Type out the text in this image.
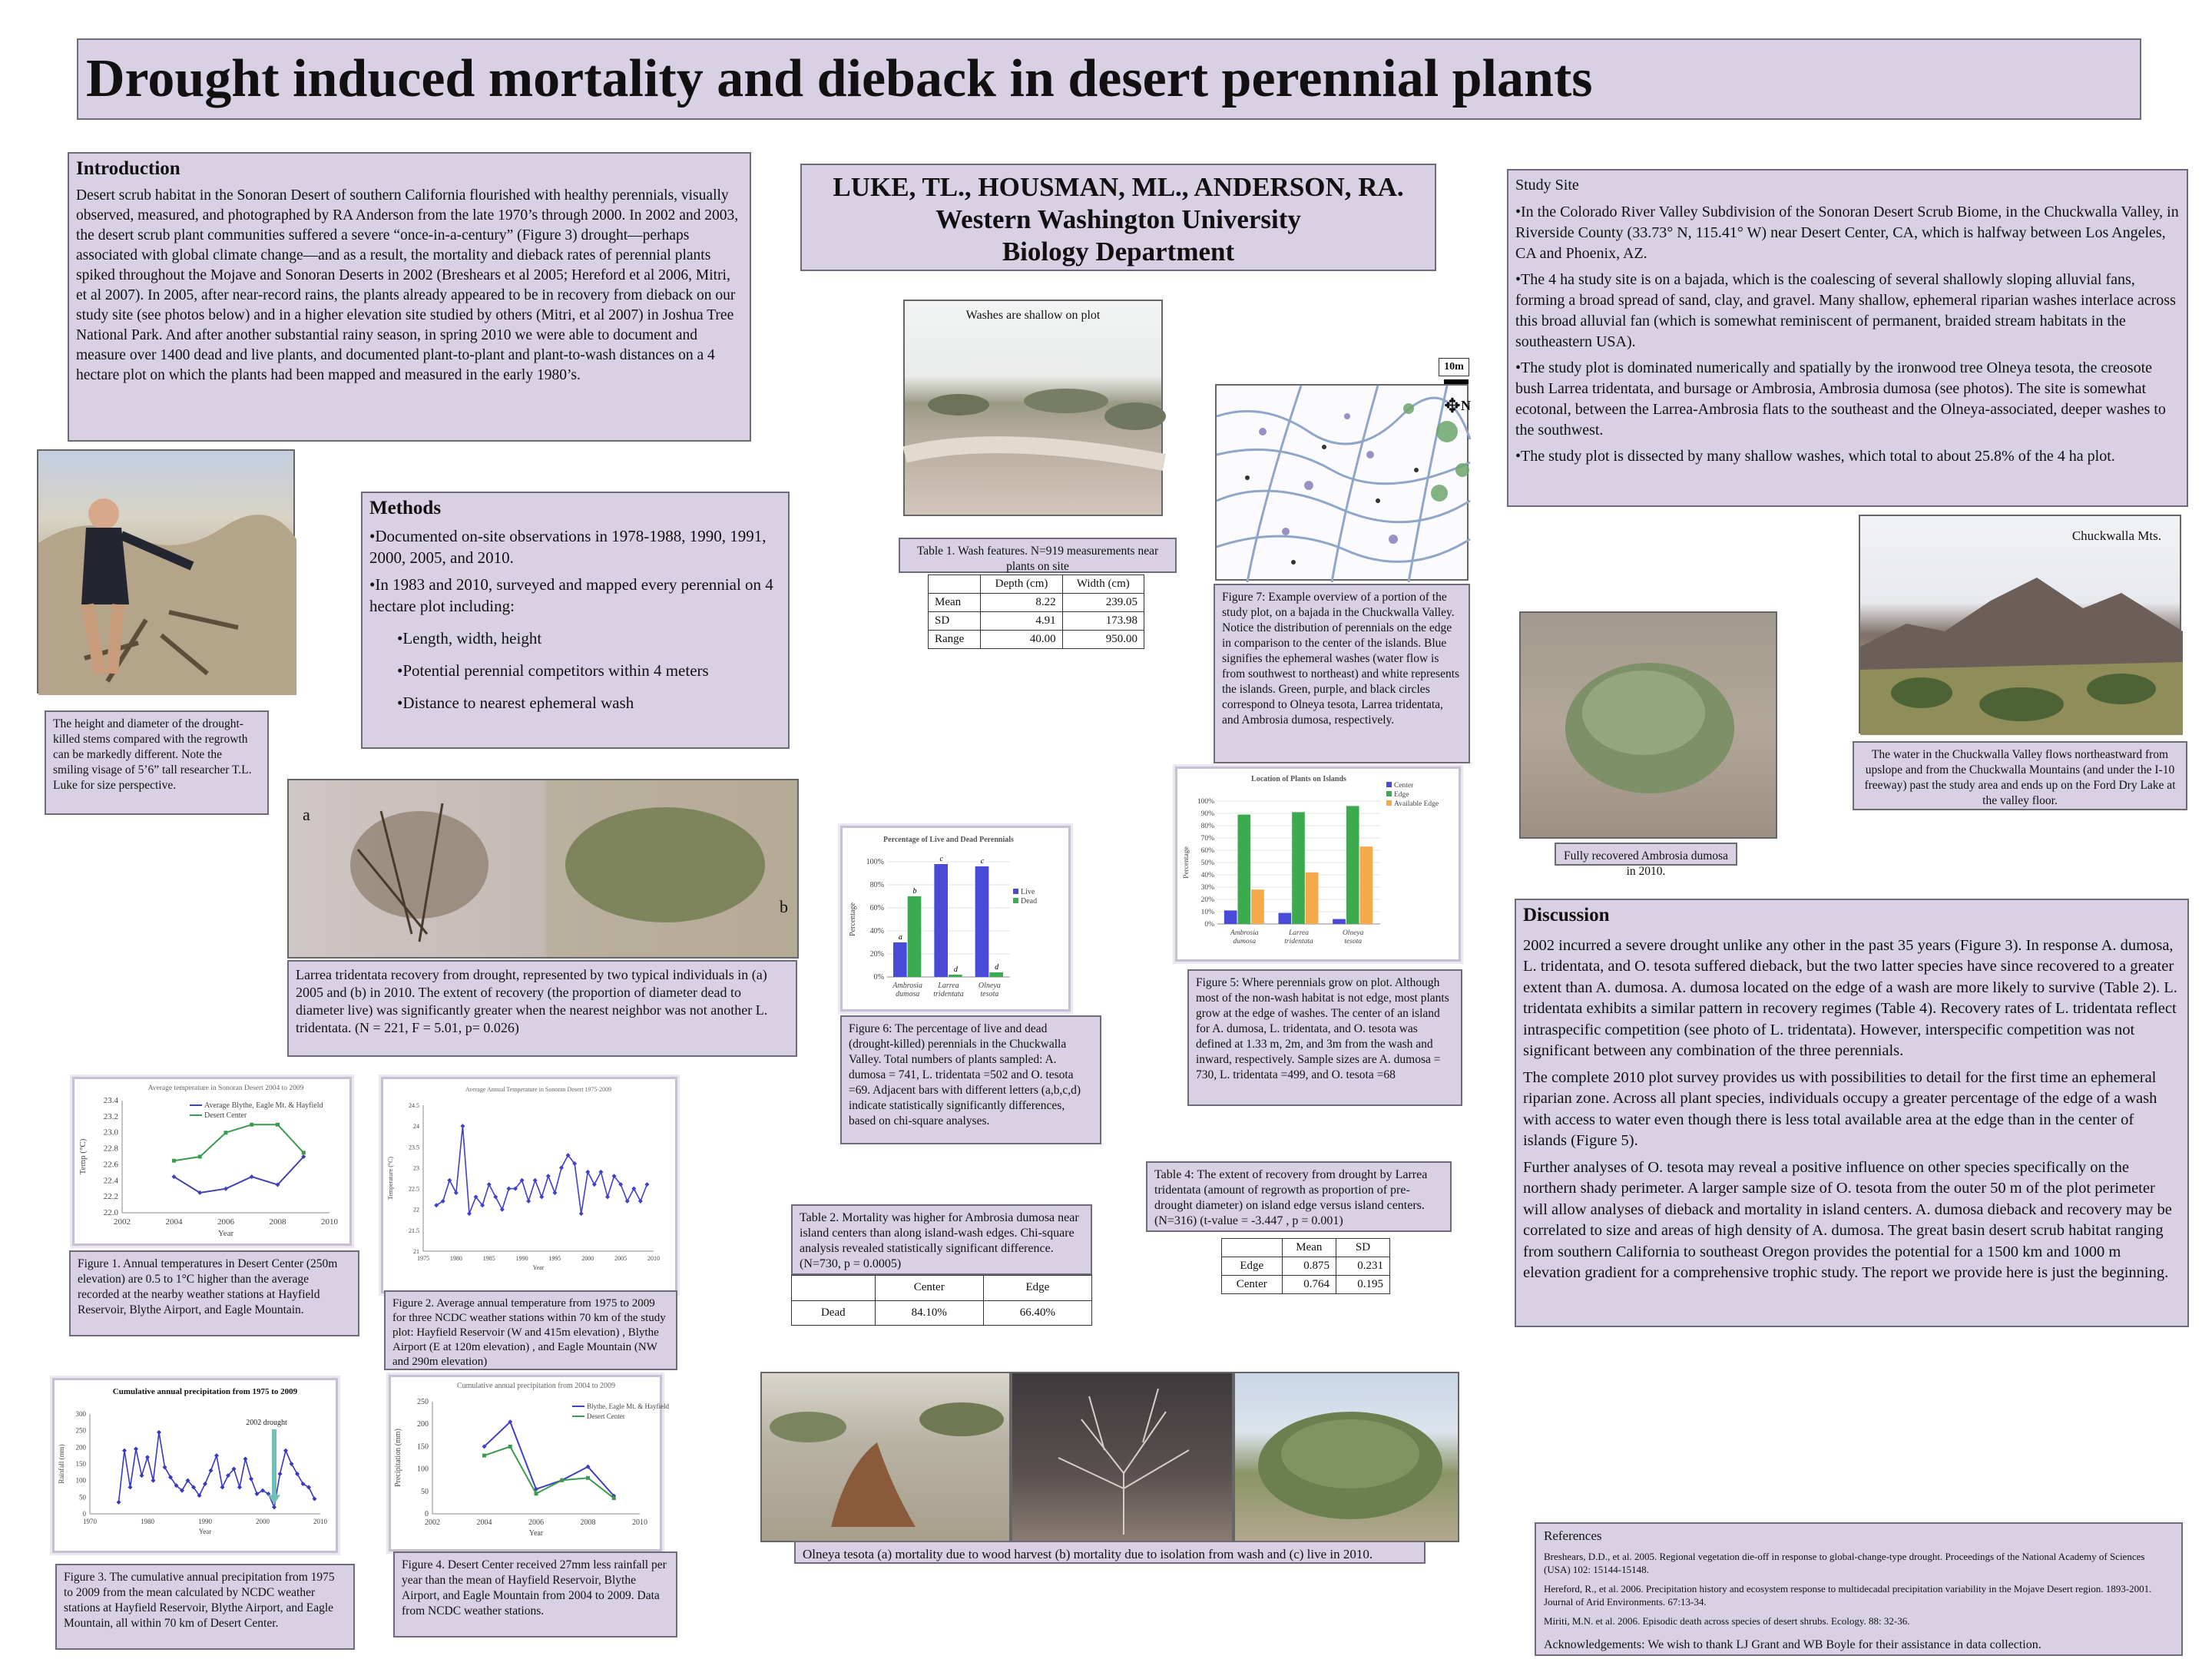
Drought induced mortality and dieback in desert perennial plants
Introduction
Desert scrub habitat in the Sonoran Desert of southern California flourished with healthy perennials, visually observed, measured, and photographed by RA Anderson from the late 1970’s through 2000. In 2002 and 2003, the desert scrub plant communities suffered a severe “once-in-a-century” (Figure 3) drought—perhaps associated with global climate change—and as a result, the mortality and dieback rates of perennial plants spiked throughout the Mojave and Sonoran Deserts in 2002 (Breshears et al 2005; Hereford et al 2006, Mitri, et al 2007). In 2005, after near-record rains, the plants already appeared to be in recovery from dieback on our study site (see photos below) and in a higher elevation site studied by others (Mitri, et al 2007) in Joshua Tree National Park. And after another substantial rainy season, in spring 2010 we were able to document and measure over 1400 dead and live plants, and documented plant-to-plant and plant-to-wash distances on a 4 hectare plot on which the plants had been mapped and measured in the early 1980’s.
LUKE, TL., HOUSMAN, ML., ANDERSON, RA.
Western Washington University
Biology Department
Study Site

•In the Colorado River Valley Subdivision of the Sonoran Desert Scrub Biome, in the Chuckwalla Valley, in Riverside County (33.73° N, 115.41° W) near Desert Center, CA, which is halfway between Los Angeles, CA and Phoenix, AZ.

•The 4 ha study site is on a bajada, which is the coalescing of several shallowly sloping alluvial fans, forming a broad spread of sand, clay, and gravel. Many shallow, ephemeral riparian washes interlace across this broad alluvial fan (which is somewhat reminiscent of permanent, braided stream habitats in the southeastern USA).

•The study plot is dominated numerically and spatially by the ironwood tree Olneya tesota, the creosote bush Larrea tridentata, and bursage or Ambrosia, Ambrosia dumosa (see photos). The site is somewhat ecotonal, between the Larrea-Ambrosia flats to the southeast and the Olneya-associated, deeper washes to the southwest.

•The study plot is dissected by many shallow washes, which total to about 25.8% of the 4 ha plot.

The height and diameter of the drought-killed stems compared with the regrowth can be markedly different. Note the smiling visage of 5’6” tall researcher T.L. Luke for size perspective.
Methods

•Documented on-site observations in 1978-1988, 1990, 1991, 2000, 2005, and 2010.

•In 1983 and 2010, surveyed and mapped every perennial on 4 hectare plot including:

•Length, width, height

•Potential perennial competitors within 4 meters

•Distance to nearest ephemeral wash

Washes are shallow on plot
Table 1. Wash features. N=919 measurements near plants on site
	Depth (cm)	Width (cm)
Mean	8.22	239.05
SD	4.91	173.98
Range	40.00	950.00
10m
✥ N
Figure 7: Example overview of a portion of the study plot, on a bajada in the Chuckwalla Valley. Notice the distribution of perennials on the edge in comparison to the center of the islands. Blue signifies the ephemeral washes (water flow is from southwest to northeast) and white represents the islands. Green, purple, and black circles correspond to Olneya tesota, Larrea tridentata, and Ambrosia dumosa, respectively.
Chuckwalla Mts.
The water in the Chuckwalla Valley flows northeastward from upslope and from the Chuckwalla Mountains (and under the I-10 freeway) past the study area and ends up on the Ford Dry Lake at the valley floor.
Fully recovered Ambrosia dumosa in 2010.
a
b
Larrea tridentata recovery from drought, represented by two typical individuals in (a) 2005 and (b) in 2010. The extent of recovery (the proportion of diameter dead to diameter live) was significantly greater when the nearest neighbor was not another L. tridentata. (N = 221, F = 5.01, p= 0.026)
Percentage of Live and Dead Perennials
0%
20%
40%
60%
80%
100%
Percentage
a
b
Ambrosia
dumosa
c
d
Larrea
tridentata
c
d
Olneya
tesota
Live
Dead
Figure 6: The percentage of live and dead (drought-killed) perennials in the Chuckwalla Valley. Total numbers of plants sampled: A. dumosa = 741, L. tridentata =502 and O. tesota =69. Adjacent bars with different letters (a,b,c,d) indicate statistically significantly differences, based on chi-square analyses.
Location of Plants on Islands
0%
10%
20%
30%
40%
50%
60%
70%
80%
90%
100%
Percentage
Ambrosia
dumosa
Larrea
tridentata
Olneya
tesota
Center
Edge
Available Edge
Figure 5: Where perennials grow on plot. Although most of the non-wash habitat is not edge, most plants grow at the edge of washes. The center of an island for A. dumosa, L. tridentata, and O. tesota was defined at 1.33 m, 2m, and 3m from the wash and inward, respectively. Sample sizes are A. dumosa = 730, L. tridentata =499, and O. tesota =68
Discussion

2002 incurred a severe drought unlike any other in the past 35 years (Figure 3). In response A. dumosa, L. tridentata, and O. tesota suffered dieback, but the two latter species have since recovered to a greater extent than A. dumosa. A. dumosa located on the edge of a wash are more likely to survive (Table 2). L. tridentata exhibits a similar pattern in recovery regimes (Table 4). Recovery rates of L. tridentata reflect intraspecific competition (see photo of L. tridentata). However, interspecific competition was not significant between any combination of the three perennials.

The complete 2010 plot survey provides us with possibilities to detail for the first time an ephemeral riparian zone. Across all plant species, individuals occupy a greater percentage of the edge of a wash with access to water even though there is less total available area at the edge than in the center of islands (Figure 5).

Further analyses of O. tesota may reveal a positive influence on other species specifically on the northern shady perimeter. A larger sample size of O. tesota from the outer 50 m of the plot perimeter will allow analyses of dieback and mortality in island centers. A. dumosa dieback and recovery may be correlated to size and areas of high density of A. dumosa. The great basin desert scrub habitat ranging from southern California to southeast Oregon provides the potential for a 1500 km and 1000 m elevation gradient for a comprehensive trophic study. The report we provide here is just the beginning.

Average temperature in Sonoran Desert 2004 to 2009
22.0
22.2
22.4
22.6
22.8
23.0
23.2
23.4
2002	2004	2006	2008	2010
Year
Temp (°C)
Average Blythe, Eagle Mt. & Hayfield
Desert Center
Figure 1. Annual temperatures in Desert Center (250m elevation) are 0.5 to 1°C higher than the average recorded at the nearby weather stations at Hayfield Reservoir, Blythe Airport, and Eagle Mountain.
Average Annual Temperature in Sonoran Desert 1975-2009
21
21.5
22
22.5
23
23.5
24
24.5
1975	1980	1985	1990	1995	2000	2005	2010
Year
Temperature (°C)
Figure 2. Average annual temperature from 1975 to 2009 for three NCDC weather stations within 70 km of the study plot: Hayfield Reservoir (W and 415m elevation) , Blythe Airport (E at 120m elevation) , and Eagle Mountain (NW and 290m elevation)
Table 2. Mortality was higher for Ambrosia dumosa near island centers than along island-wash edges. Chi-square analysis revealed statistically significant difference. (N=730, p = 0.0005)
	Center	Edge
Dead	84.10%	66.40%
Table 4: The extent of recovery from drought by Larrea tridentata (amount of regrowth as proportion of pre-drought diameter) on island edge versus island centers. (N=316) (t-value = -3.447 , p = 0.001)
	Mean	SD
Edge	0.875	0.231
Center	0.764	0.195
Cumulative annual precipitation from 1975 to 2009
0
50
100
150
200
250
300
1970	1980	1990	2000	2010
Year
Rainfall (mm)
2002 drought
Figure 3. The cumulative annual precipitation from 1975 to 2009 from the mean calculated by NCDC weather stations at Hayfield Reservoir, Blythe Airport, and Eagle Mountain, all within 70 km of Desert Center.
Cumulative annual precipitation from 2004 to 2009
0
50
100
150
200
250
2002	2004	2006	2008	2010
Year
Precipitation (mm)
Blythe, Eagle Mt. & Hayfield
Desert Center
Figure 4. Desert Center received 27mm less rainfall per year than the mean of Hayfield Reservoir, Blythe Airport, and Eagle Mountain from 2004 to 2009. Data from NCDC weather stations.
Olneya tesota (a) mortality due to wood harvest (b) mortality due to isolation from wash and (c) live in 2010.
References
Breshears, D.D., et al. 2005. Regional vegetation die-off in response to global-change-type drought. Proceedings of the National Academy of Sciences (USA) 102: 15144-15148.
Hereford, R., et al. 2006. Precipitation history and ecosystem response to multidecadal precipitation variability in the Mojave Desert region. 1893-2001. Journal of Arid Environments. 67:13-34.
Miriti, M.N. et al. 2006. Episodic death across species of desert shrubs. Ecology. 88: 32-36.
Acknowledgements: We wish to thank LJ Grant and WB Boyle for their assistance in data collection.
